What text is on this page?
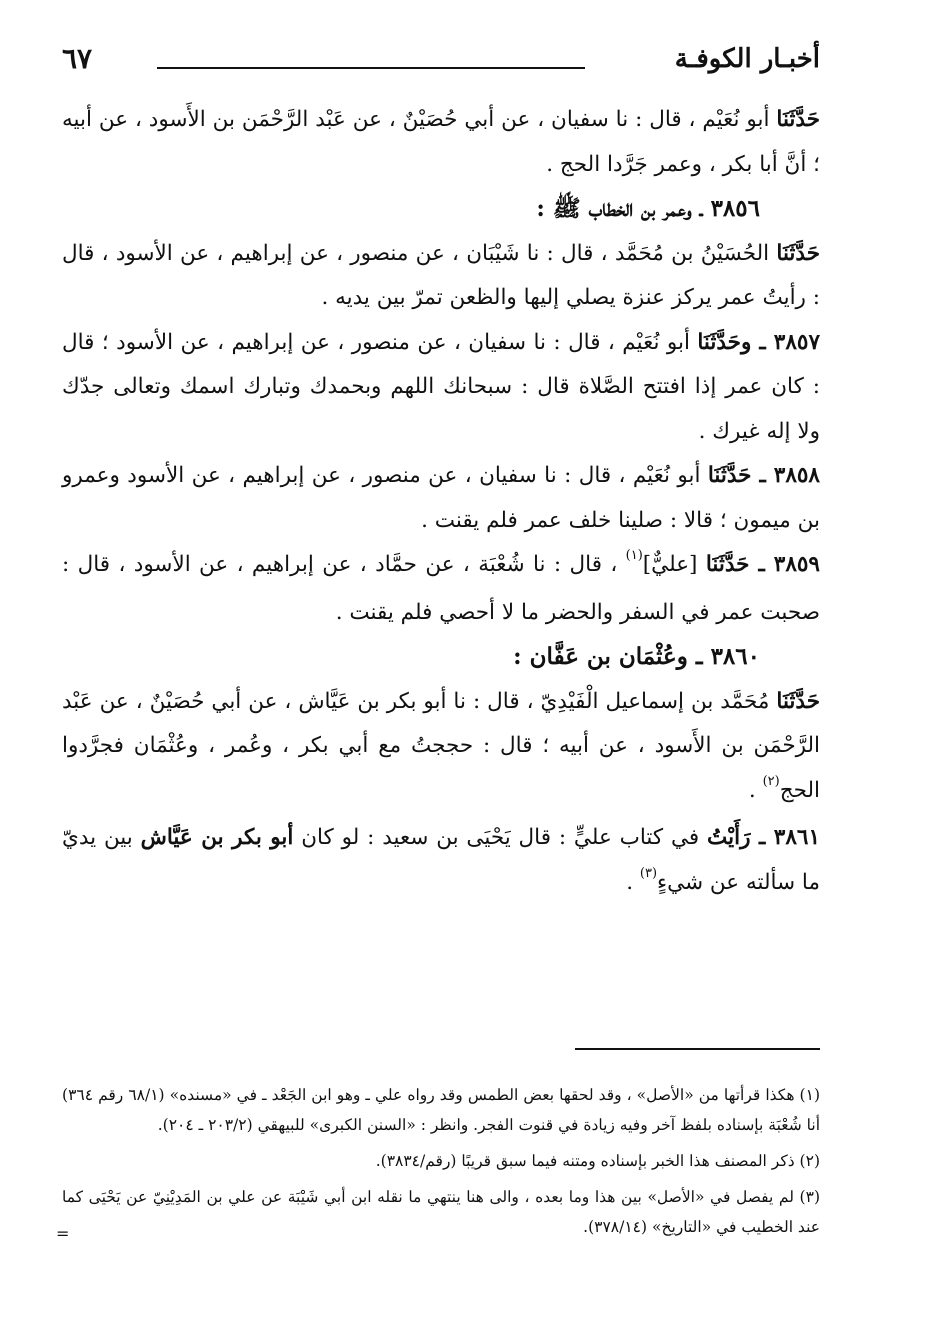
أخبـار الكوفـة
٦٧

حَدَّثَنَا أبو نُعَيْم ، قال : نا سفيان ، عن أبي حُصَيْنٌ ، عن عَبْد الرَّحْمَن بن الأَسود ، عن أبيه ؛ أنَّ أبا بكر ، وعمر جَرَّدا الحج .

٣٨٥٦ ـ وعمر بن الخطاب ﷺ :

حَدَّثَنَا الحُسَيْنُ بن مُحَمَّد ، قال : نا شَيْبَان ، عن منصور ، عن إبراهيم ، عن الأسود ، قال : رأيتُ عمر يركز عنزة يصلي إليها والظعن تمرّ بين يديه .

٣٨٥٧ ـ وحَدَّثَنَا أبو نُعَيْم ، قال : نا سفيان ، عن منصور ، عن إبراهيم ، عن الأسود ؛ قال : كان عمر إذا افتتح الصَّلاة قال : سبحانك اللهم وبحمدك وتبارك اسمك وتعالى جدّك ولا إله غيرك .

٣٨٥٨ ـ حَدَّثَنَا أبو نُعَيْم ، قال : نا سفيان ، عن منصور ، عن إبراهيم ، عن الأسود وعمرو بن ميمون ؛ قالا : صلينا خلف عمر فلم يقنت .

٣٨٥٩ ـ حَدَّثَنَا [عليٌّ]$^{(١)}$ ، قال : نا شُعْبَة ، عن حمَّاد ، عن إبراهيم ، عن الأسود ، قال : صحبت عمر في السفر والحضر ما لا أحصي فلم يقنت .

٣٨٦٠ ـ وعُثْمَان بن عَفَّان :

حَدَّثَنَا مُحَمَّد بن إسماعيل الْفَيْدِيّ ، قال : نا أبو بكر بن عَيَّاش ، عن أبي حُصَيْنٌ ، عن عَبْد الرَّحْمَن بن الأَسود ، عن أبيه ؛ قال : حججتُ مع أبي بكر ، وعُمر ، وعُثْمَان فجرَّدوا الحج$^{(٢)}$ .

٣٨٦١ ـ رَأَيْتُ في كتاب عليٍّ : قال يَحْيَى بن سعيد : لو كان أبو بكر بن عَيَّاش بين يديّ ما سألته عن شيءٍ$^{(٣)}$ .

(١) هكذا قرأتها من «الأصل» ، وقد لحقها بعض الطمس وقد رواه علي ـ وهو ابن الجَعْد ـ في «مسنده» (٦٨/١ رقم ٣٦٤) أنا شُعْبَة بإسناده بلفظ آخر وفيه زيادة في قنوت الفجر. وانظر : «السنن الكبرى» للبيهقي (٢٠٣/٢ ـ ٢٠٤).

(٢) ذكر المصنف هذا الخبر بإسناده ومتنه فيما سبق قريبًا (رقم/٣٨٣٤).

(٣) لم يفصل في «الأصل» بين هذا وما بعده ، والى هنا ينتهي ما نقله ابن أبي شَيْبَة عن علي بن المَدِيْنِيّ عن يَحْيَى كما عند الخطيب في «التاريخ» (٣٧٨/١٤).

=
